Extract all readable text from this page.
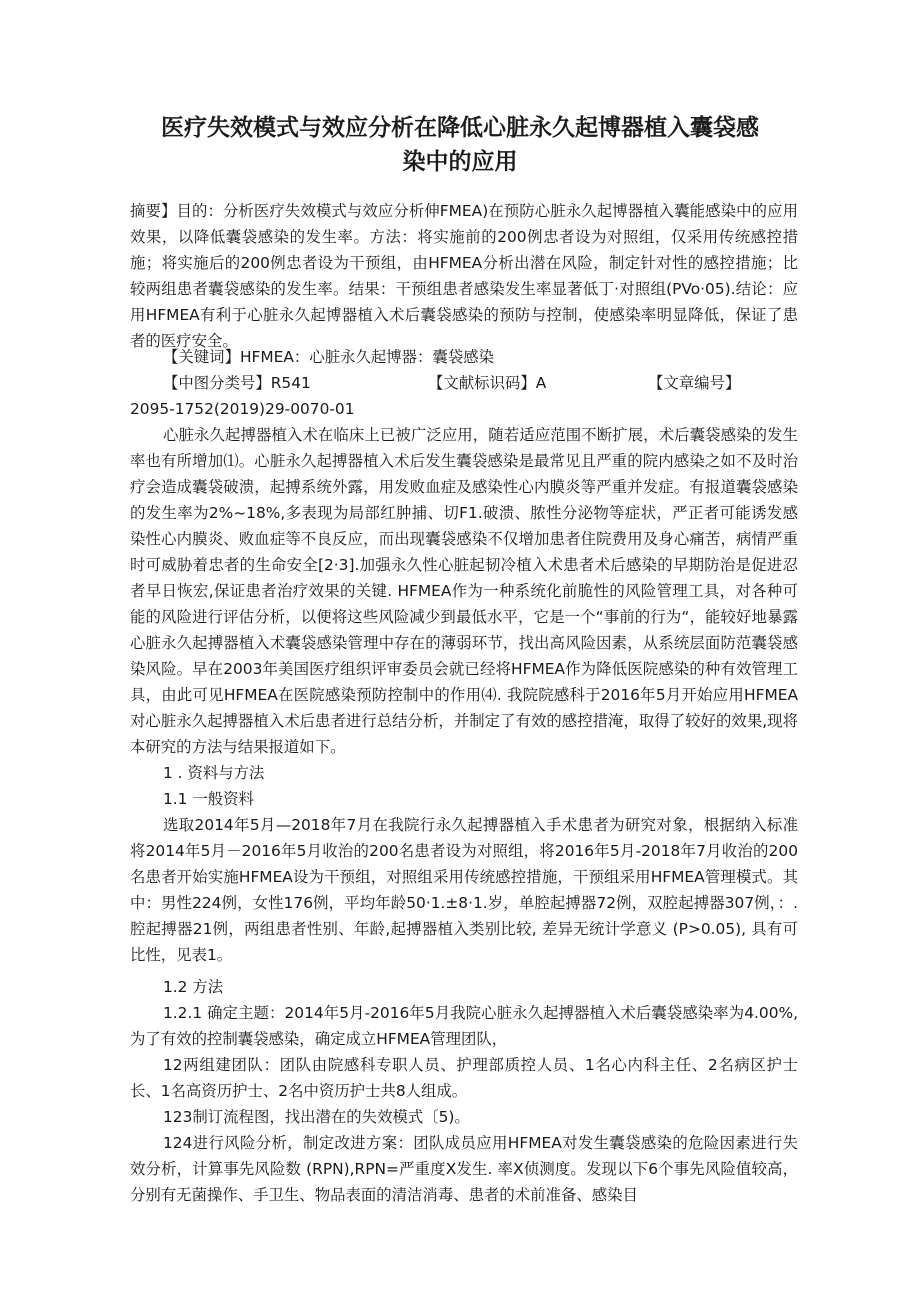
医疗失效模式与效应分析在降低心脏永久起博器植入囊袋感
染中的应用

摘要】目的：分析医疗失效模式与效应分析伸FMEA)在预防心脏永久起博器植入囊能感染中的应用效果，以降低囊袋感染的发生率。方法：将实施前的200例忠者设为对照组，仅采用传统感控措施；将实施后的200例忠者设为干预组，由HFMEA分析出潜在风险，制定针对性的感控措施；比较两组患者囊袋感染的发生率。结果：干预组患者感染发生率显著低丁·对照组(PVo·05).结论：应用HFMEA有利于心脏永久起博器植入术后囊袋感染的预防与控制，使感染率明显降低，保证了患者的医疗安全。

【关键词】HFMEA：心脏永久起博器：囊袋感染

【中图分类号】R541	【文献标识码】A	【文章编号】

2095-1752(2019)29-0070-01

心脏永久起搏器植入术在临床上已被广泛应用，随若适应范围不断扩展，术后囊袋感染的发生率也有所增加⑴。心脏永久起搏器植入术后发生囊袋感染是最常见且严重的院内感染之如不及时治疗会造成囊袋破溃，起搏系统外露，用发败血症及感染性心内膜炎等严重并发症。有报道囊袋感染的发生率为2%~18%,多表现为局部红肿捕、切F1.破溃、脓性分泌物等症状，严正者可能诱发感染性心内膜炎、败血症等不良反应，而出现囊袋感染不仅增加患者住院费用及身心痛苦，病情严重时可威胁着忠者的生命安全[2·3].加强永久性心脏起韧冷植入术患者术后感染的早期防治是促进忍者早日恢宏,保证患者治疗效果的关键. HFMEA作为一种系统化前脆性的风险管理工具，对各种可能的风险进行评估分析，以便将这些风险减少到最低水平，它是一个“事前的行为“，能较好地暴露心脏永久起搏器植入术囊袋感染管理中存在的薄弱环节，找出高风险因素，从系统层面防范囊袋感染风险。早在2003年美国医疗组织评审委员会就已经将HFMEA作为降低医院感染的种有效管理工具，由此可见HFMEA在医院感染预防控制中的作用⑷. 我院院感科于2016年5月开始应用HFMEA对心脏永久起搏器植入术后患者进行总结分析，并制定了有效的感控措淹，取得了较好的效果,现将本研究的方法与结果报道如下。

1 . 资料与方法

1.1 一般资料

选取2014年5月—2018年7月在我院行永久起搏器植入手术患者为研究对象，根据纳入标准将2014年5月－2016年5月收治的200名患者设为对照组，将2016年5月-2018年7月收治的200名患者开始实施HFMEA设为干预组，对照组采用传统感控措施，干预组采用HFMEA管理模式。其中：男性224例，女性176例，平均年龄50·1.±8·1.岁，单腔起搏器72例，双腔起搏器307例，：. 腔起搏器21例，两组患者性别、年龄,起搏器植入类别比较, 差异无统计学意义 (P>0.05), 具有可比性，见表1。

1.2 方法

1.2.1 确定主题：2014年5月-2016年5月我院心脏永久起搏器植入术后囊袋感染率为4.00%,为了有效的控制囊袋感染，确定成立HFMEA管理团队，

12两组建团队：团队由院感科专职人员、护理部质控人员、1名心内科主任、2名病区护士长、1名高资历护士、2名中资历护士共8人组成。

123制订流程图，找出潜在的失效模式〔5)。

124进行风险分析，制定改进方案：团队成员应用HFMEA对发生囊袋感染的危险因素进行失效分析，计算事先风险数 (RPN),RPN=严重度X发生. 率X侦测度。发现以下6个事先风险值较高，分别有无菌操作、手卫生、物品表面的清洁消毒、患者的术前准备、感染目
